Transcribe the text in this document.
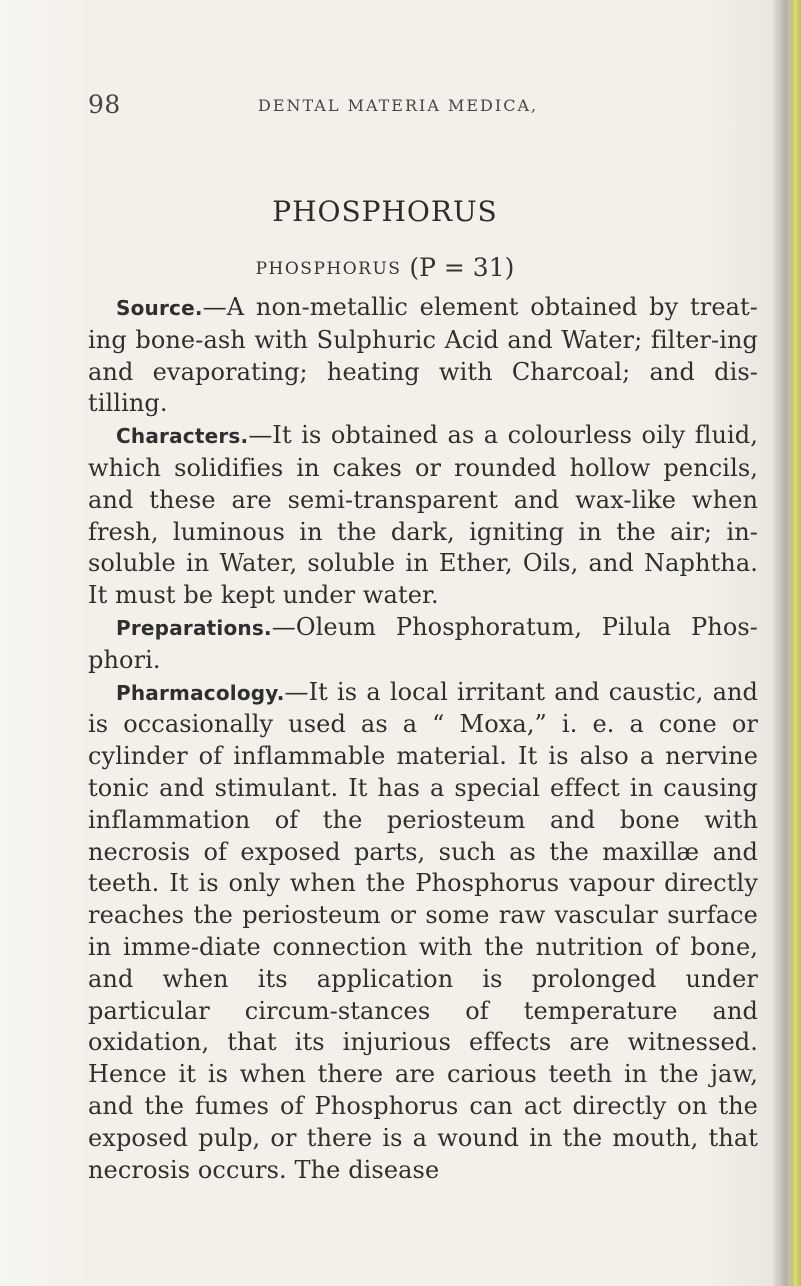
98	DENTAL MATERIA MEDICA,
PHOSPHORUS
PHOSPHORUS (P = 31)

Source.—A non-metallic element obtained by treat-ing bone-ash with Sulphuric Acid and Water; filter-ing and evaporating; heating with Charcoal; and dis-tilling.

Characters.—It is obtained as a colourless oily fluid, which solidifies in cakes or rounded hollow pencils, and these are semi-transparent and wax-like when fresh, luminous in the dark, igniting in the air; in-soluble in Water, soluble in Ether, Oils, and Naphtha. It must be kept under water.

Preparations.—Oleum Phosphoratum, Pilula Phos-phori.

Pharmacology.—It is a local irritant and caustic, and is occasionally used as a “ Moxa,” i. e. a cone or cylinder of inflammable material. It is also a nervine tonic and stimulant. It has a special effect in causing inflammation of the periosteum and bone with necrosis of exposed parts, such as the maxillæ and teeth. It is only when the Phosphorus vapour directly reaches the periosteum or some raw vascular surface in imme-diate connection with the nutrition of bone, and when its application is prolonged under particular circum-stances of temperature and oxidation, that its injurious effects are witnessed. Hence it is when there are carious teeth in the jaw, and the fumes of Phosphorus can act directly on the exposed pulp, or there is a wound in the mouth, that necrosis occurs. The disease
